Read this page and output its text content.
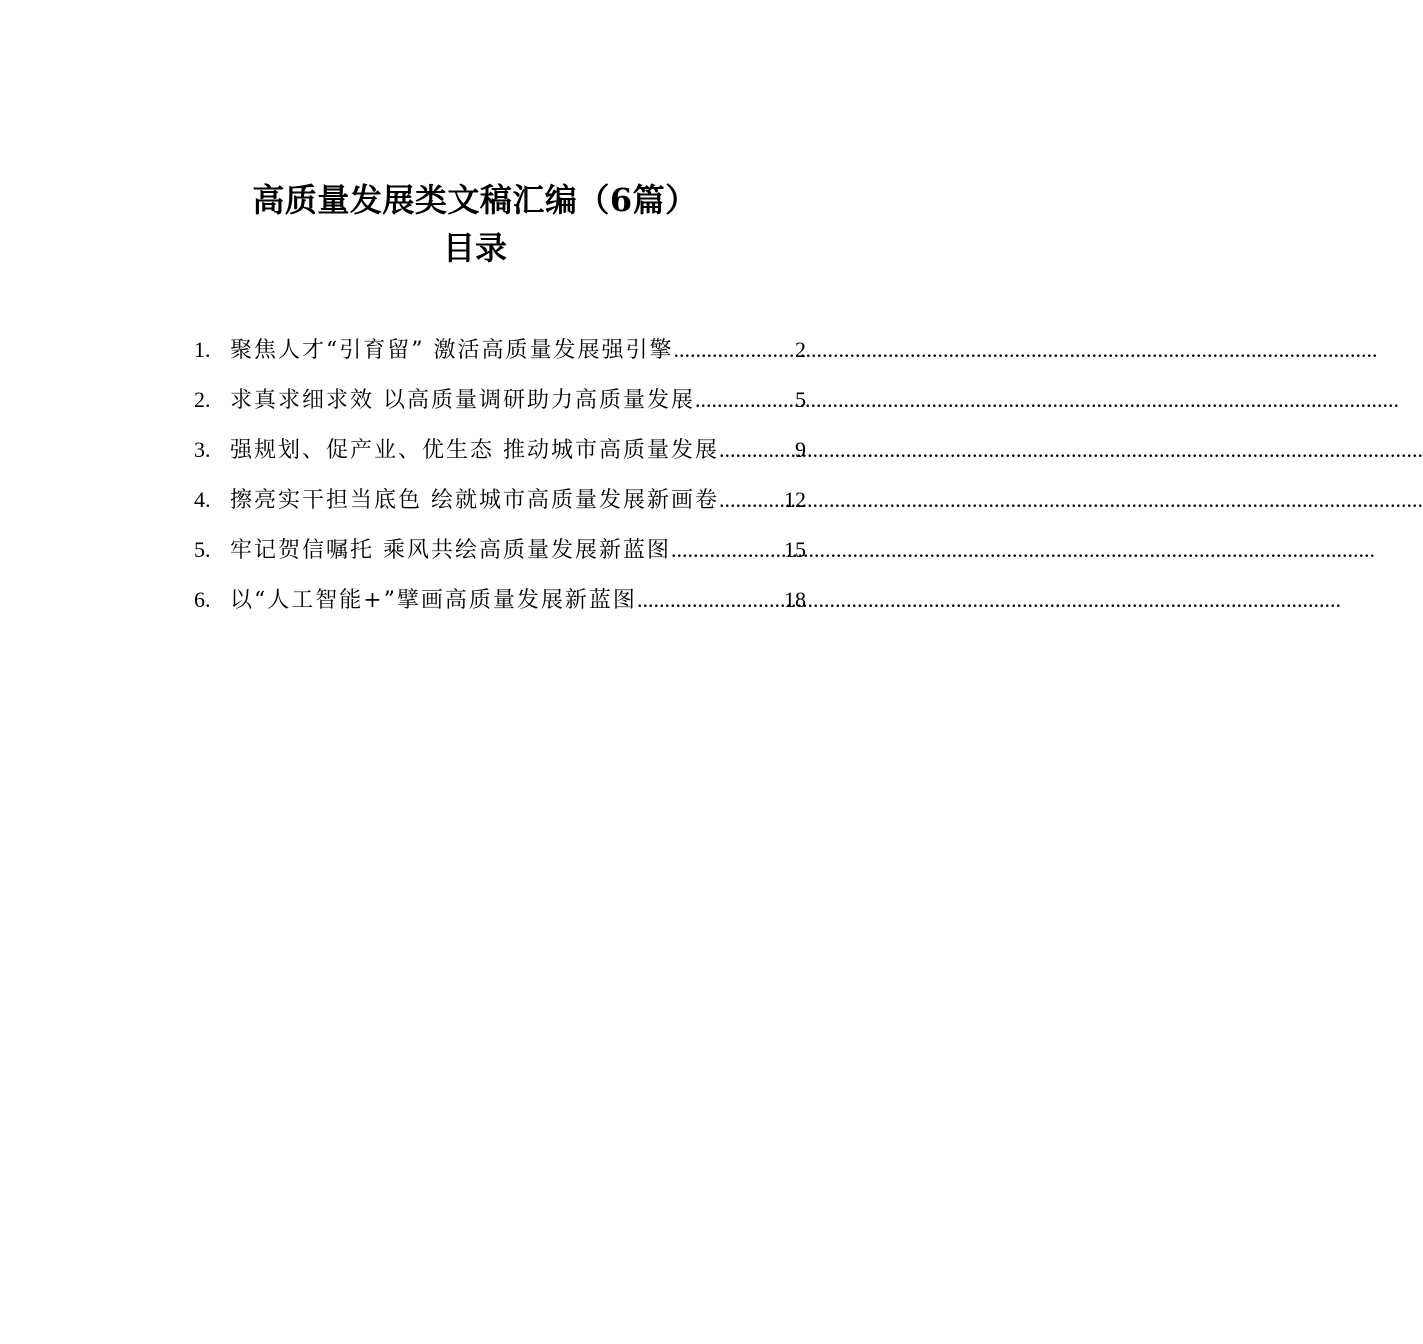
高质量发展类文稿汇编（6篇）
目录
1. 聚焦人才“引育留” 激活高质量发展强引擎 .....	2
2. 求真求细求效 以高质量调研助力高质量发展 .....	5
3. 强规划、促产业、优生态 推动城市高质量发展 .....	9
4. 擦亮实干担当底色 绘就城市高质量发展新画卷 .....	12
5. 牢记贺信嘱托 乘风共绘高质量发展新蓝图 .....	15
6. 以“人工智能+”擘画高质量发展新蓝图 .....	18
